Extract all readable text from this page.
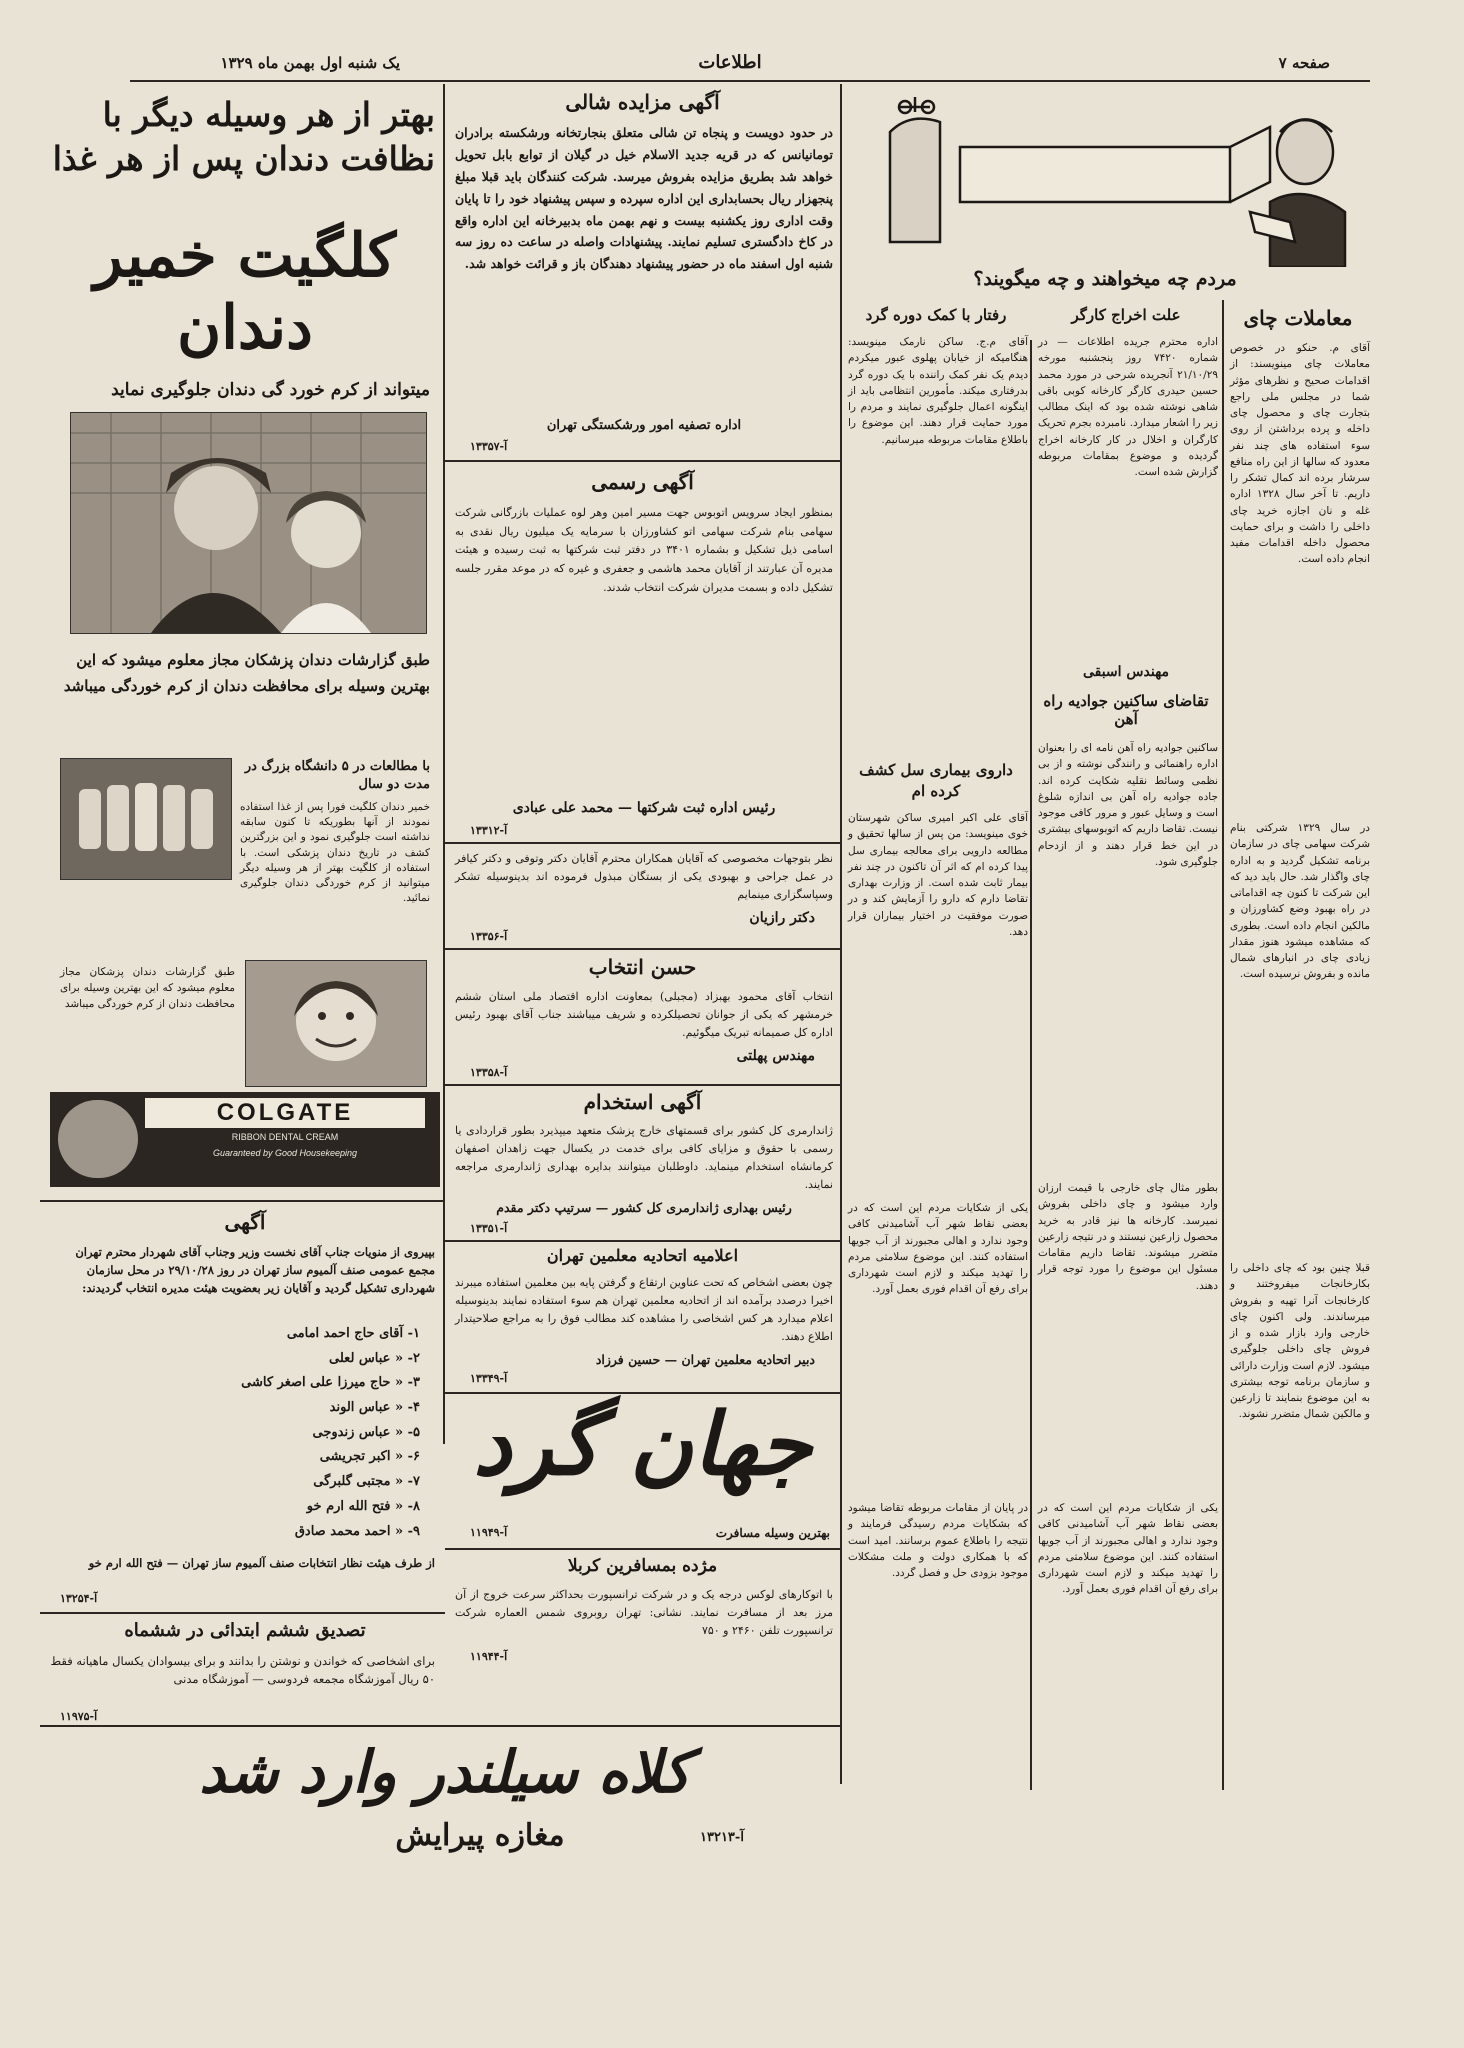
یک شنبه اول بهمن ماه ۱۳۲۹	اطلاعات	صفحه ۷
بهتر از هر وسیله دیگر با
نظافت دندان پس از هر غذا
کلگیت خمیر دندان
میتواند از کرم خورد گی دندان جلوگیری نماید
طبق گزارشات دندان پزشکان مجاز معلوم میشود که این بهترین وسیله برای محافظت دندان از کرم خوردگی میباشد
با مطالعات در ۵ دانشگاه بزرگ در مدت دو سال
خمیر دندان کلگیت فورا پس از غذا استفاده نمودند از آنها بطوریکه تا کنون سابقه نداشته است جلوگیری نمود و این بزرگترین کشف در تاریخ دندان پزشکی است. با استفاده از کلگیت بهتر از هر وسیله دیگر میتوانید از کرم خوردگی دندان جلوگیری نمائید.
طبق گزارشات دندان پزشکان مجاز معلوم میشود که این بهترین وسیله برای محافظت دندان از کرم خوردگی میباشد
COLGATE
RIBBON DENTAL CREAM
Guaranteed by Good Housekeeping
آگهی
بپیروی از منویات جناب آقای نخست وزیر وجناب آقای شهردار محترم تهران مجمع عمومی صنف آلمیوم ساز تهران در روز ۲۹/۱۰/۲۸ در محل سازمان شهرداری تشکیل گردید و آقایان زیر بعضویت هیئت مدیره انتخاب گردیدند:
۱- آقای حاج احمد امامی
۲- « عباس لعلی
۳- « حاج میرزا علی اصغر کاشی
۴- « عباس الوند
۵- « عباس زندوجی
۶- « اکبر تجریشی
۷- « مجتبی گلبرگی
۸- « فتح الله ارم خو
۹- « احمد محمد صادق
از طرف هیئت نظار انتخابات صنف آلمیوم ساز تهران — فتح الله ارم خو
آ-۱۳۲۵۴
تصدیق ششم ابتدائی در ششماه
برای اشخاصی که خواندن و نوشتن را بدانند و برای بیسوادان یکسال ماهیانه فقط ۵۰ ریال آموزشگاه مجمعه فردوسی — آموزشگاه مدنی
آ-۱۱۹۷۵
آگهی مزایده شالی
در حدود دویست و پنجاه تن شالی متعلق بنجارتخانه ورشکسته برادران تومانیانس که در قریه جدید الاسلام خیل در گیلان از توابع بابل تحویل خواهد شد بطریق مزایده بفروش میرسد. شرکت کنندگان باید قبلا مبلغ پنجهزار ریال بحسابداری این اداره سپرده و سپس پیشنهاد خود را تا پایان وقت اداری روز یکشنبه بیست و نهم بهمن ماه بدبیرخانه این اداره واقع در کاخ دادگستری تسلیم نمایند. پیشنهادات واصله در ساعت ده روز سه شنبه اول اسفند ماه در حضور پیشنهاد دهندگان باز و قرائت خواهد شد.
اداره تصفیه امور ورشکستگی تهران
آ-۱۳۳۵۷
آگهی رسمی
بمنظور ایجاد سرویس اتوبوس جهت مسیر امین وهر لوه عملیات بازرگانی شرکت سهامی بنام شرکت سهامی اتو کشاورزان با سرمایه یک میلیون ریال نقدی به اسامی ذیل تشکیل و بشماره ۳۴۰۱ در دفتر ثبت شرکتها به ثبت رسیده و هیئت مدیره آن عبارتند از آقایان محمد هاشمی و جعفری و غیره که در موعد مقرر جلسه تشکیل داده و بسمت مدیران شرکت انتخاب شدند.
رئیس اداره ثبت شرکتها — محمد علی عبادی
آ-۱۳۳۱۲
نظر بتوجهات مخصوصی که آقایان همکاران محترم آقایان دکتر وتوفی و دکتر کیافر در عمل جراحی و بهبودی یکی از بستگان مبذول فرموده اند بدینوسیله تشکر وسپاسگزاری مینمایم
دکتر رازیان
آ-۱۳۳۵۶
حسن انتخاب
انتخاب آقای محمود بهبزاد (مجبلی) بمعاونت اداره اقتصاد ملی استان ششم خرمشهر که یکی از جوانان تحصیلکرده و شریف میباشند جناب آقای بهبود رئیس اداره کل صمیمانه تبریک میگوئیم.
مهندس پهلتی
آ-۱۳۳۵۸
آگهی استخدام
ژاندارمری کل کشور برای قسمتهای خارج پزشک متعهد میپذیرد بطور قراردادی یا رسمی با حقوق و مزایای کافی برای خدمت در یکسال جهت زاهدان اصفهان کرمانشاه استخدام مینماید. داوطلبان میتوانند بدایره بهداری ژاندارمری مراجعه نمایند.
رئیس بهداری ژاندارمری کل کشور — سرتیپ دکتر مقدم
آ-۱۳۳۵۱
اعلامیه اتحادیه معلمین تهران
چون بعضی اشخاص که تحت عناوین ارتقاع و گرفتن پایه بین معلمین استفاده میبرند اخیرا درصدد برآمده اند از اتحادیه معلمین تهران هم سوء استفاده نمایند بدینوسیله اعلام میدارد هر کس اشخاصی را مشاهده کند مطالب فوق را به مراجع صلاحیتدار اطلاع دهند.
دبیر اتحادیه معلمین تهران — حسین فرزاد
آ-۱۳۳۴۹
جهان گرد
بهترین وسیله مسافرت
آ-۱۱۹۴۹
مژده بمسافرین کربلا
با اتوکارهای لوکس درجه یک و در شرکت ترانسپورت بحداکثر سرعت خروج از آن مرز بعد از مسافرت نمایند. نشانی: تهران روبروی شمس العماره شرکت ترانسپورت تلفن ۲۴۶۰ و ۷۵۰
آ-۱۱۹۴۴
کلاه سیلندر وارد شد
مغازه پیرایش	آ-۱۳۲۱۳
مردم چه میخواهند و چه میگویند؟
معاملات چای
آقای م. حنکو در خصوص معاملات چای مینویسند: از اقدامات صحیح و نظرهای مؤثر شما در مجلس ملی راجع بتجارت چای و محصول چای داخله و پرده برداشتن از روی سوء استفاده های چند نفر معدود که سالها از این راه منافع سرشار برده اند کمال تشکر را داریم. تا آخر سال ۱۳۲۸ اداره غله و نان اجازه خرید چای داخلی را داشت و برای حمایت محصول داخله اقدامات مفید انجام داده است.
در سال ۱۳۲۹ شرکتی بنام شرکت سهامی چای در سازمان برنامه تشکیل گردید و به اداره چای واگذار شد. حال باید دید که این شرکت تا کنون چه اقداماتی در راه بهبود وضع کشاورزان و مالکین انجام داده است. بطوری که مشاهده میشود هنوز مقدار زیادی چای در انبارهای شمال مانده و بفروش نرسیده است.
قبلا چنین بود که چای داخلی را بکارخانجات میفروختند و کارخانجات آنرا تهیه و بفروش میرساندند. ولی اکنون چای خارجی وارد بازار شده و از فروش چای داخلی جلوگیری میشود. لازم است وزارت دارائی و سازمان برنامه توجه بیشتری به این موضوع بنمایند تا زارعین و مالکین شمال متضرر نشوند.
علت اخراج کارگر
اداره محترم جریده اطلاعات — در شماره ۷۴۲۰ روز پنجشنبه مورخه ۲۱/۱۰/۲۹ آنجریده شرحی در مورد محمد حسین حیدری کارگر کارخانه کوبی باقی شاهی نوشته شده بود که اینک مطالب زیر را اشعار میدارد. نامبرده بجرم تحریک کارگران و اخلال در کار کارخانه اخراج گردیده و موضوع بمقامات مربوطه گزارش شده است.
مهندس اسبقی
تقاضای ساکنین جوادیه راه آهن
ساکنین جوادیه راه آهن نامه ای را بعنوان اداره راهنمائی و رانندگی نوشته و از بی نظمی وسائط نقلیه شکایت کرده اند. جاده جوادیه راه آهن بی اندازه شلوغ است و وسایل عبور و مرور کافی موجود نیست. تقاضا داریم که اتوبوسهای بیشتری در این خط قرار دهند و از ازدحام جلوگیری شود.
رفتار با کمک دوره گرد
آقای م.ج. ساکن نارمک مینویسد: هنگامیکه از خیابان پهلوی عبور میکردم دیدم یک نفر کمک راننده با یک دوره گرد بدرفتاری میکند. مأمورین انتظامی باید از اینگونه اعمال جلوگیری نمایند و مردم را مورد حمایت قرار دهند. این موضوع را باطلاع مقامات مربوطه میرسانیم.
داروی بیماری سل کشف کرده ام
آقای علی اکبر امیری ساکن شهرستان خوی مینویسد: من پس از سالها تحقیق و مطالعه دارویی برای معالجه بیماری سل پیدا کرده ام که اثر آن تاکنون در چند نفر بیمار ثابت شده است. از وزارت بهداری تقاضا دارم که دارو را آزمایش کند و در صورت موفقیت در اختیار بیماران قرار دهد.
یکی از شکایات مردم این است که در بعضی نقاط شهر آب آشامیدنی کافی وجود ندارد و اهالی مجبورند از آب جویها استفاده کنند. این موضوع سلامتی مردم را تهدید میکند و لازم است شهرداری برای رفع آن اقدام فوری بعمل آورد.
بطور مثال چای خارجی با قیمت ارزان وارد میشود و چای داخلی بفروش نمیرسد. کارخانه ها نیز قادر به خرید محصول زارعین نیستند و در نتیجه زارعین متضرر میشوند. تقاضا داریم مقامات مسئول این موضوع را مورد توجه قرار دهند.
در پایان از مقامات مربوطه تقاضا میشود که بشکایات مردم رسیدگی فرمایند و نتیجه را باطلاع عموم برسانند. امید است که با همکاری دولت و ملت مشکلات موجود بزودی حل و فصل گردد.
یکی از شکایات مردم این است که در بعضی نقاط شهر آب آشامیدنی کافی وجود ندارد و اهالی مجبورند از آب جویها استفاده کنند. این موضوع سلامتی مردم را تهدید میکند و لازم است شهرداری برای رفع آن اقدام فوری بعمل آورد.
